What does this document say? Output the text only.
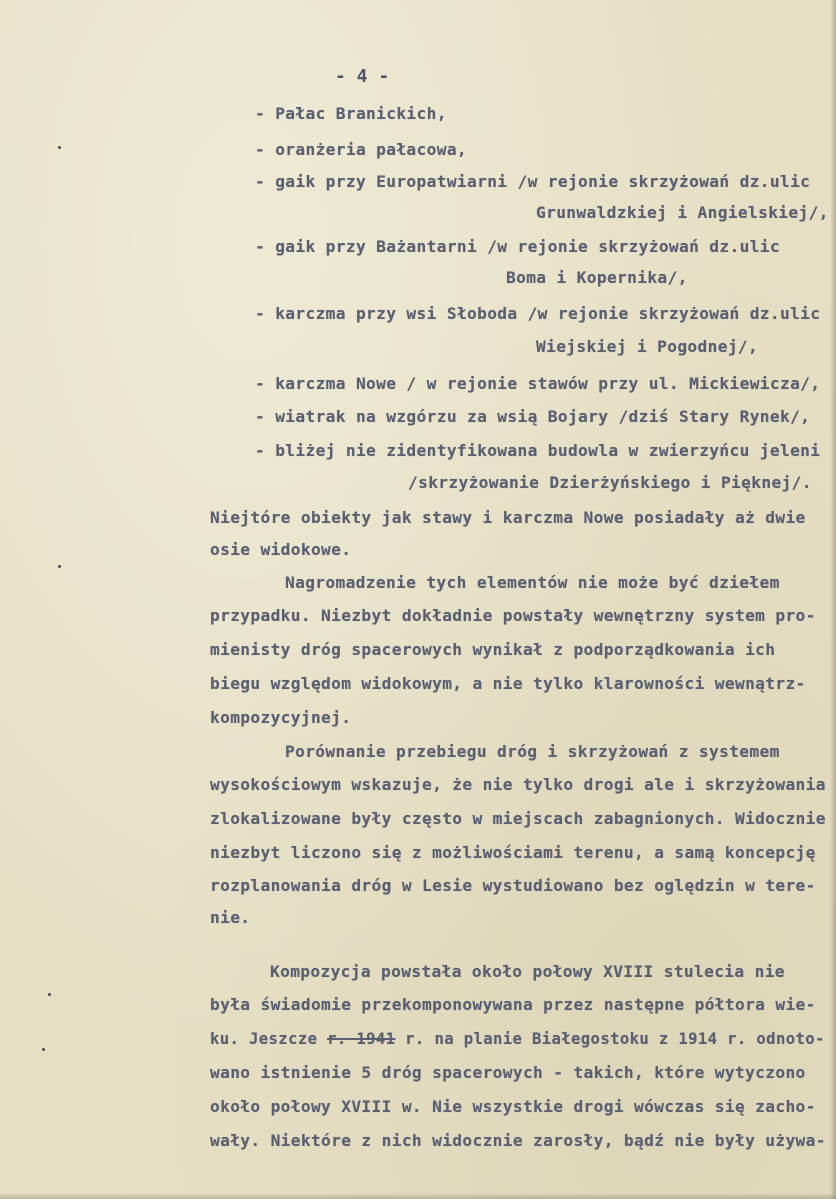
- 4 -
- Pałac Branickich,
- oranżeria pałacowa,
- gaik przy Europatwiarni /w rejonie skrzyżowań dz.ulic
Grunwaldzkiej i Angielskiej/,
- gaik przy Bażantarni /w rejonie skrzyżowań dz.ulic
Boma i Kopernika/,
- karczma przy wsi Słoboda /w rejonie skrzyżowań dz.ulic
Wiejskiej i Pogodnej/,
- karczma Nowe / w rejonie stawów przy ul. Mickiewicza/,
- wiatrak na wzgórzu za wsią Bojary /dziś Stary Rynek/,
- bliżej nie zidentyfikowana budowla w zwierzyńcu jeleni
/skrzyżowanie Dzierżyńskiego i Pięknej/.
Niejtóre obiekty jak stawy i karczma Nowe posiadały aż dwie
osie widokowe.
Nagromadzenie tych elementów nie może być dziełem
przypadku. Niezbyt dokładnie powstały wewnętrzny system pro-
mienisty dróg spacerowych wynikał z podporządkowania ich
biegu względom widokowym, a nie tylko klarowności wewnątrz-
kompozycyjnej.
Porównanie przebiegu dróg i skrzyżowań z systemem
wysokościowym wskazuje, że nie tylko drogi ale i skrzyżowania
zlokalizowane były często w miejscach zabagnionych. Widocznie
niezbyt liczono się z możliwościami terenu, a samą koncepcję
rozplanowania dróg w Lesie wystudiowano bez oględzin w tere-
nie.
Kompozycja powstała około połowy XVIII stulecia nie
była świadomie przekomponowywana przez następne półtora wie-
ku. Jeszcze r. 1941 r. na planie Białegostoku z 1914 r. odnoto-
wano istnienie 5 dróg spacerowych - takich, które wytyczono
około połowy XVIII w. Nie wszystkie drogi wówczas się zacho-
wały. Niektóre z nich widocznie zarosły, bądź nie były używa-
